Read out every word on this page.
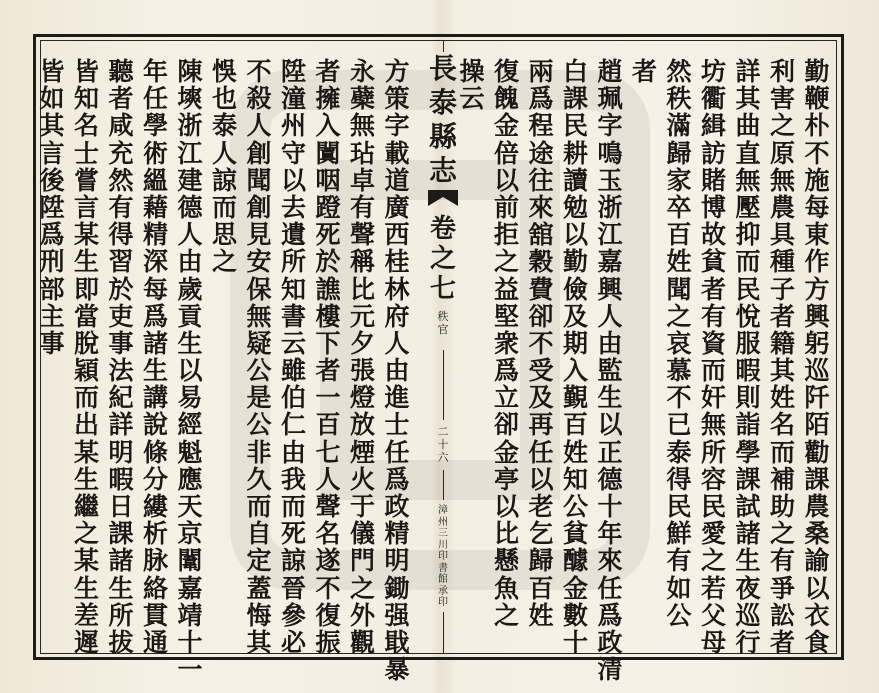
勤
鞭
朴
不
施
每
東
作
方
興
躬
巡
阡
陌
勸
課
農
桑
諭
以
衣
食
利
害
之
原
無
農
具
種
子
者
籍
其
姓
名
而
補
助
之
有
爭
訟
者
詳
其
曲
直
無
壓
抑
而
民
悅
服
暇
則
詣
學
課
試
諸
生
夜
巡
行
坊
衢
緝
訪
賭
博
故
貧
者
有
資
而
奸
無
所
容
民
愛
之
若
父
母
然
秩
滿
歸
家
卒
百
姓
聞
之
哀
慕
不
已
泰
得
民
鮮
有
如
公
者
趙
珮
字
鳴
玉
浙
江
嘉
興
人
由
監
生
以
正
德
十
年
來
任
爲
政
清
白
課
民
耕
讀
勉
以
勤
儉
及
期
入
覲
百
姓
知
公
貧
醵
金
數
十
兩
爲
程
途
往
來
舘
穀
費
卻
不
受
及
再
任
以
老
乞
歸
百
姓
復
餽
金
倍
以
前
拒
之
益
堅
衆
爲
立
卻
金
亭
以
比
懸
魚
之
操
云
方
策
字
載
道
廣
西
桂
林
府
人
由
進
士
任
爲
政
精
明
鋤
强
戢
暴
永
蘗
無
玷
卓
有
聲
稱
比
元
夕
張
燈
放
煙
火
于
儀
門
之
外
觀
者
擁
入
闐
咽
蹬
死
於
譙
樓
下
者
一
百
七
人
聲
名
遂
不
復
振
陞
潼
州
守
以
去
遺
所
知
書
云
雖
伯
仁
由
我
而
死
諒
晉
參
必
不
殺
人
創
聞
創
見
安
保
無
疑
公
是
公
非
久
而
自
定
蓋
悔
其
悞
也
泰
人
諒
而
思
之
陳
塽
浙
江
建
德
人
由
歲
貢
生
以
易
經
魁
應
天
京
闈
嘉
靖
十
一
年
任
學
術
縕
藉
精
深
每
爲
諸
生
講
說
條
分
縷
析
脉
絡
貫
通
聽
者
咸
充
然
有
得
習
於
吏
事
法
紀
詳
明
暇
日
課
諸
生
所
拔
皆
知
名
士
嘗
言
某
生
即
當
脫
穎
而
出
某
生
繼
之
某
生
差
遲
皆
如
其
言
後
陞
爲
刑
部
主
事
長
泰
縣
志
卷
之
七
秩
官
二
十
六
漳
州
三
川
印
書
館
承
印
